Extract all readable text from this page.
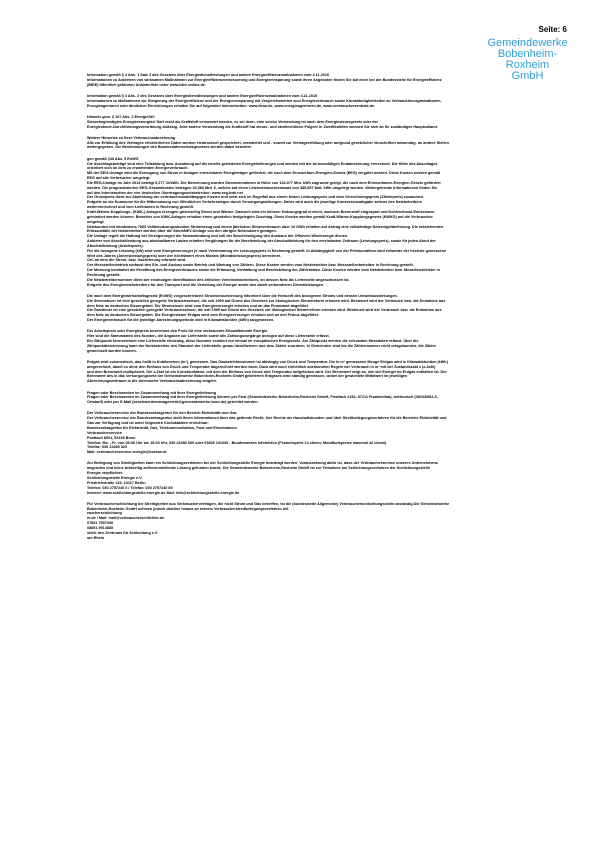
Seite: 6
Gemeindewerke
Bobenheim-Roxheim
GmbH

Information gemäß § 4 Abs. 1 Satz 2 des Gesetzes über Energiedienstleistungen und andere Energieeffizienzmaßnahmen vom 4.11.2010

Informationen zu Anbietern von wirksamen Maßnahmen zur Energieeffizienzverbesserung und Energieeinsparung sowie ihren Angeboten finden Sie auf einer bei der Bundesstelle für Energieeffizienz

(BfEE) öffentlich geführten Anbieterliste unter www.bfee-online.de.

Information gemäß § 4 Abs. 2 des Gesetzes über Energiedienstleistungen und andere Energieeffizienzmaßnahmen vom 4.11.2010

Informationen zu Maßnahmen zur Steigerung der Energieeffizienz und der Energieeinsparung mit Vergleichswerten zum Energieverbrauch sowie Kontaktmöglichkeiten zu Verbraucherorganisationen,

Energieagenturen oder ähnlichen Einrichtungen erhalten Sie auf folgenden Internetseiten: www.dena.de, www.energieagenturen.de, www.verbraucherzentrale.de.

Hinweis gem. § 107 Abs. 2 EnergieStV

Steuerbegünstigtes Energieerzeugnis! Darf nicht als Kraftstoff verwendet werden, es sei denn, eine solche Verwendung ist nach dem Energiesteuergesetz oder der

Energiesteuer-Durchführungsverordnung zulässig. Jede andere Verwendung als Kraftstoff hat steuer- und strafrechtliche Folgen! In Zweifelsfällen wenden Sie sich an Ihr zuständiges Hauptzollamt.

Weitere Hinweise zu Ihrer Verbrauchsabrechnung

Alle zur Erfüllung des Vertrages erforderlichen Daten werden elektronisch gespeichert, verarbeitet und - soweit zur Vertragserfüllung oder aufgrund gesetzlicher Vorschriften notwendig- an andere Stellen

weitergegeben. Die Bestimmungen des Bundesdatenschutzgesetzes werden dabei beachtet.

gen gemäß §40 Abs. 5 EnWG

Die Abschlagsbeträge sind eine Teilzahlung bzw. Anzahlung auf die bereits geleisteten Energielieferungen und werden mit der turnusmäßigen Endabrechnung verrechnet. Die Höhe des Abschlages

orientiert sich an dem zu erwartenden Energieverbrauch.

Mit der EEG-Umlage wird die Erzeugung von Strom in Anlagen erneuerbarer Energieträger gefördert, die nach dem Erneuerbare-Energien-Gesetz (EEG) vergütet werden. Diese Kosten werden gemäß

EEG auf alle Verbraucher umgelegt.

Die EEG-Umlage im Jahr 2013 beträgt 5,277 Ct/kWh. Der Berechnung wurden Stromeinnahmen in Höhe von 134.077 Mrd. kWh zugrunde gelegt, die nach dem Erneuerbaren-Energien-Gesetz gefördert

werden. Die prognostizierten EEG-Gesamtkosten betragen 20,360 Mrd. €, welche auf einen Letztverbraucherabsatz von 385,857 Mrd. kWh umgelegt werden. Weitergehende Informationen finden Sie

auf den Internetseiten der vier deutschen Übertragungsnetzbetreiber: www.eeg-kwk.net

Der Grundpreis dient zur Abdeckung der verbrauchsunabhängigen Kosten und setzt sich im Regelfall aus einem festen Leistungspreis und dem Verrechnungspreis (Zählerpreis) zusammen.

Entgelte an die Kommune für die Mitbenutzung von öffentlichen Verkehrswegen durch Versorgungsleitungen. Daher wird auch die jeweilige Konzessionsabgabe seitens des Netzbetreibers

weiterverrechnet und vom Lieferanten in Rechnung gestellt.

Kraft-Wärme-Kopplungs- (KWK-) Anlagen erzeugen gleichzeitig Strom und Wärme. Dadurch wird ein höherer Nutzungsgrad erreicht, wodurch Brennstoff eingespart und Kohlendioxid-Emissionen

gemindert werden können. Betreiber von KWK-Anlagen erhalten einen gesetzlich festgelegten Zuschlag. Diese Kosten werden gemäß Kraft-Wärme-Kopplungsgesetz (KWKG) auf die Verbraucher

umgelegt.

Netzkunden mit mindestens 7000 Vollbenutzungsstunden Strombezug und einem jährlichen Stromverbrauch über 10 GWh erhalten auf Antrag eine vollständige Netzentgeltbefreiung. Die entstehenden

Erlösausfälle der Netzbetreiber werden über die StromNEV-Umlage von den übrigen Netznutzern getragen.

Die Umlage regelt die Haftung bei Verzögerungen der Netzanbindung und soll der Beschleunigung des Ausbaus der Offshore-Windenergie dienen.

Anbieter von Abschaltleistung aus abschaltbaren Lasten erhalten Vergütungen für die Bereitstellung der Abschaltleistung für den vereinbarten Zeitraum (Leistungspreis), sowie für jeden Abruf der

Abschaltleistung (Arbeitspreis).

Für die bezogene Leistung (kW) wird vom Energieversorger je nach Vereinbarung ein Leistungspreis in Rechnung gestellt. In Abhängigkeit von der Preiskondition wird entweder der höchste gemessene

Wert des Jahres (Jahresleistungspreis) oder der höchstwert eines Monats (Monatsleistungspreis) berechnet.

Ort, an dem die Strom- bzw. Gaslieferung erbracht wird.

Der Messstellenbetrieb umfasst den Ein- und Ausbau sowie Betrieb und Wartung von Zählern. Diese Kosten werden vom Netzbetreiber bzw. Messstellenbetreiber in Rechnung gestellt.

Die Messung beinhaltet die Ermittlung des Energieverbrauchs sowie die Erfassung, Verwaltung und Bereitstellung der Zählerdaten. Diese Kosten werden vom Netzbetreiber bzw. Messdienstleister in

Rechnung gestellt.

Die Netzbetreibernummer dient der eindeutigen Identifikation des örtlichen Verteilnetzbetreibers, an dessen Netz die Lieferstelle angeschlossen ist.

Entgelte des Energienetzbetreibers für den Transport und die Verteilung der Energie sowie den damit verbundenen Dienstleistungen.

Die nach dem Energiewirtschaftsgesetz (EnWG) vorgeschriebene Stromkennzeichnung informiert über die Herkunft des bezogenen Stroms und dessen Umweltauswirkungen.

Die Stromsteuer ist eine gesetzlich geregelte Verbrauchssteuer, die seit 1999 auf Grund des Gesetzes zur ökologischen Steuerreform erhoben wird. Besteuert wird der Verbrauch bzw. die Entnahme aus

dem Netz im deutschen Steuergebiet. Die Stromsteuer wird vom Energieversorger erhoben und an das Finanzamt abgeführt.

Die Gassteuer ist eine gesetzlich geregelte Verbrauchssteuer, die seit 1999 auf Grund des Gesetzes zur ökologischen Steuerreform erhoben wird. Besteuert wird der Verbrauch bzw. die Entnahme aus

dem Netz im deutschen Steuergebiet. Die Energiesteuer Erdgas wird vom Energieversorger erhoben und an den Fiskus abgeführt.

Der Energieverbrauch für die jeweilige Abrechnungsperiode wird in Kilowattstunden (kWh) ausgewiesen.

Der Arbeitspreis oder Energiepreis bezeichnet den Preis für eine verbrauchte Kilowattstunde Energie.

Hier sind die Stammdaten des Kunden, die Angaben zur Lieferstelle sowie alle Zahlungsvorgänge bezogen auf diese Lieferstelle erfasst.

Ein Zählpunkt kennzeichnet eine Lieferstelle eindeutig, diese Nummer existiert nur einmal im europäischen Energienetz. Am Zählpunkt werden die relevanten Messdaten erfasst. Über die

Zählpunktbezeichnung kann der Netzbetreiber den Standort der Lieferstelle genau identifizieren und dem Zähler zuordnen. In Gemeinden sind bis die Zählernummer nicht ortsgebunden, die Zähler

gewechselt werden können.

Erdgas wird volumetrisch, das heißt in Kubikmetern (m³), gemessen. Das Gasbetriebsvolumen ist abhängig von Druck und Temperatur. Die in m³ gemessene Menge Erdgas wird in Kilowattstunden (kWh)

umgerechnet, damit es ohne den Einfluss von Druck und Temperatur abgerechnet werden kann. Dazu wird nach einheitlich anerkannten Regeln der Verbrauch in m³ mit der Zustandszahl z (z-Zahl)

und dem Brennwert multipliziert. Die z-Zahl ist ein Korrekturfaktor, mit dem der Einfluss von Druck und Temperatur aufgehoben wird. Der Brennwert zeigt an, wie viel Energie im Erdgas enthalten ist. Der

Brennwert des in das Versorgungsnetz der Gemeindewerke Bobenheim-Roxheim GmbH gelieferten Erdgases wird ständig gemessen, wobei der gewichtete Mittelwert im jeweiligen

Abrechnungszeitraum in die thermische Verbrauchsabrechnung eingeht.

Fragen oder Beschwerden im Zusammenhang mit Ihrer Energielieferung

Fragen oder Beschwerden im Zusammenhang mit Ihrer Energielieferung können per Post (Gemeindewerke Bobenheim-Roxheim GmbH, Postfach 2154, 67211 Frankenthal), telefonisch (06233/602-0,

Ortstarif) oder per E-Mail (beschwerdemanagement@gemeindewerke-boro.de) gerichtet werden.

Der Verbraucherservice der Bundesnetzagentur für den Bereich Elektrizität und Gas

Der Verbraucherservice der Bundesnetzagentur stellt Ihnen Informationen über das geltende Recht, Ihre Rechte als Haushaltskunden und über Streitbeilegungsverfahren für die Bereiche Elektrizität und

Gas zur Verfügung und ist unter folgenden Kontaktdaten erreichbar:

Bundesnetzagentur für Elektrizität, Gas, Telekommunikation, Post und Eisenbahnen

Verbraucherservice

Postfach 8001, 53105 Bonn

Telefon: Mo. - Fr. von 09:00 Uhr bis 15:00 Uhr, 030 22480 500 oder 01805 101000 - Bundesweites Infotelefon (Festnetzpreis 14 ct/min; Mobilfunkpreise maximal 42 ct/min)

Telefax: 030 22480 323

Mail: verbraucherservice-energie@bnetza.de

Zur Beilegung von Streitigkeiten kann ein Schlichtungsverfahren bei der Schlichtungsstelle Energie beantragt werden. Voraussetzung dafür ist, dass der Verbraucherservice unseres Unternehmens

angerufen und keine beidseitig zufriedenstellende Lösung gefunden wurde. Die Gemeindewerke Bobenheim-Roxheim GmbH ist zur Teilnahme am Schlichtungsverfahren der Schlichtungsstelle

Energie verpflichtet.

Schlichtungsstelle Energie e.V.

Friedrichstraße 133, 10117 Berlin

Telefon: 030 2757240 0 / Telefax: 030 2757240 69

Internet: www.schlichtungsstelle-energie.de Mail: info@schlichtungsstelle-energie.de

Für Verbraucherschlichtung bei Streitigkeiten aus Verbraucherverträgen, die nicht Strom und Gas betreffen, ist die (bundesweite Allgemeine) Verbraucherschlichtungsstelle zuständig.Die Gemeindewerke

Bobenheim-Roxheim GmbH nehmen jedoch darüber hinaus an keinem Verbraucherstreitbeilegungsverfahren teil.

raucherschlichtung

er.de / Mail: mail@verbraucherschlichter.de

07851 7957940

08851 9914885

stelle des Zentrums für Schlichtung e.V.

um Rhein
